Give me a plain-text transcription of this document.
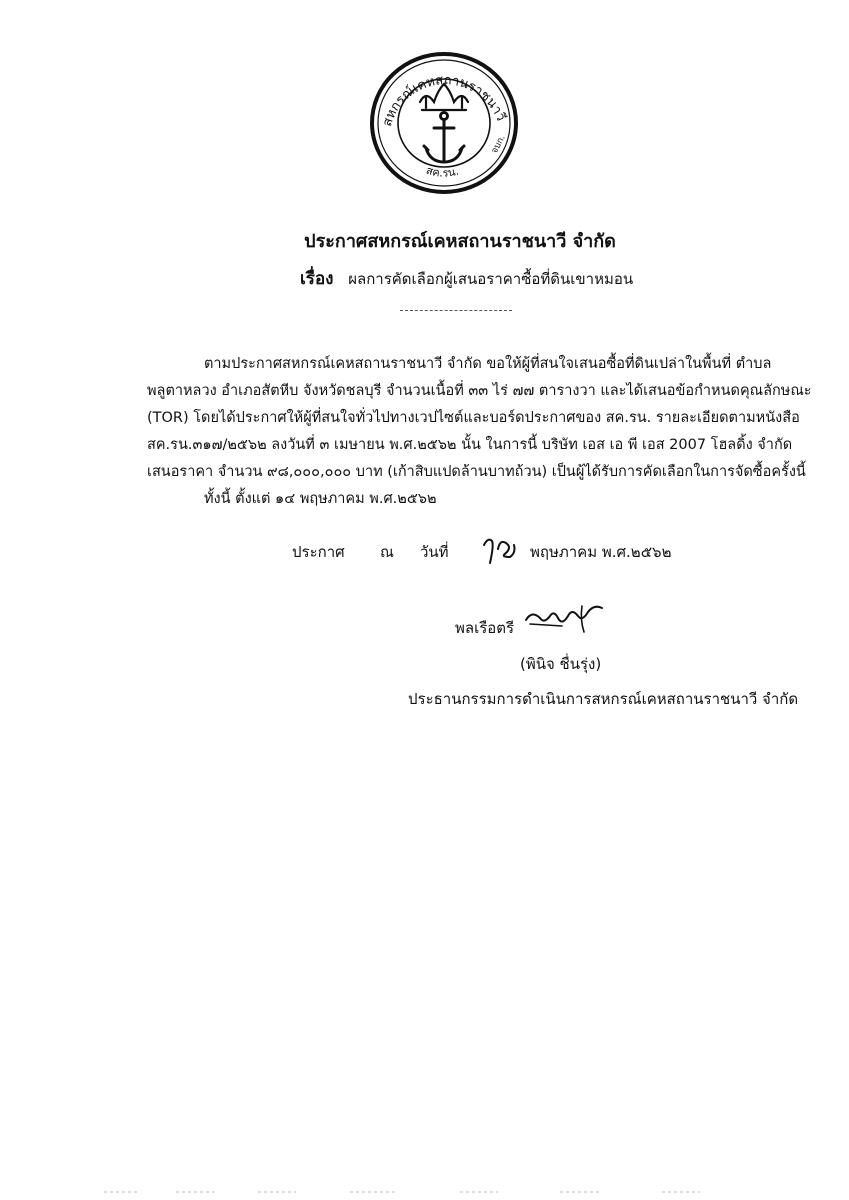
สหกรณ์เคหสถานราชนาวี
สค.รน.
จบก.
ประกาศสหกรณ์เคหสถานราชนาวี จำกัด
เรื่อง ผลการคัดเลือกผู้เสนอราคาซื้อที่ดินเขาหมอน
ตามประกาศสหกรณ์เคหสถานราชนาวี จำกัด ขอให้ผู้ที่สนใจเสนอซื้อที่ดินเปล่าในพื้นที่ ตำบล
พลูตาหลวง อำเภอสัตหีบ จังหวัดชลบุรี จำนวนเนื้อที่ ๓๓ ไร่ ๗๗ ตารางวา และได้เสนอข้อกำหนดคุณลักษณะ
(TOR) โดยได้ประกาศให้ผู้ที่สนใจทั่วไปทางเวปไซต์และบอร์ดประกาศของ สค.รน. รายละเอียดตามหนังสือ
สค.รน.๓๑๗/๒๕๖๒ ลงวันที่ ๓ เมษายน พ.ศ.๒๕๖๒ นั้น ในการนี้ บริษัท เอส เอ พี เอส 2007 โฮลดิ้ง จำกัด
เสนอราคา จำนวน ๙๘,๐๐๐,๐๐๐ บาท (เก้าสิบแปดล้านบาทถ้วน) เป็นผู้ได้รับการคัดเลือกในการจัดซื้อครั้งนี้
ทั้งนี้ ตั้งแต่ ๑๔ พฤษภาคม พ.ศ.๒๕๖๒
ประกาศ ณ วันที่	พฤษภาคม พ.ศ.๒๕๖๒
พลเรือตรี
(พินิจ ชื่นรุ่ง)
ประธานกรรมการดำเนินการสหกรณ์เคหสถานราชนาวี จำกัด
